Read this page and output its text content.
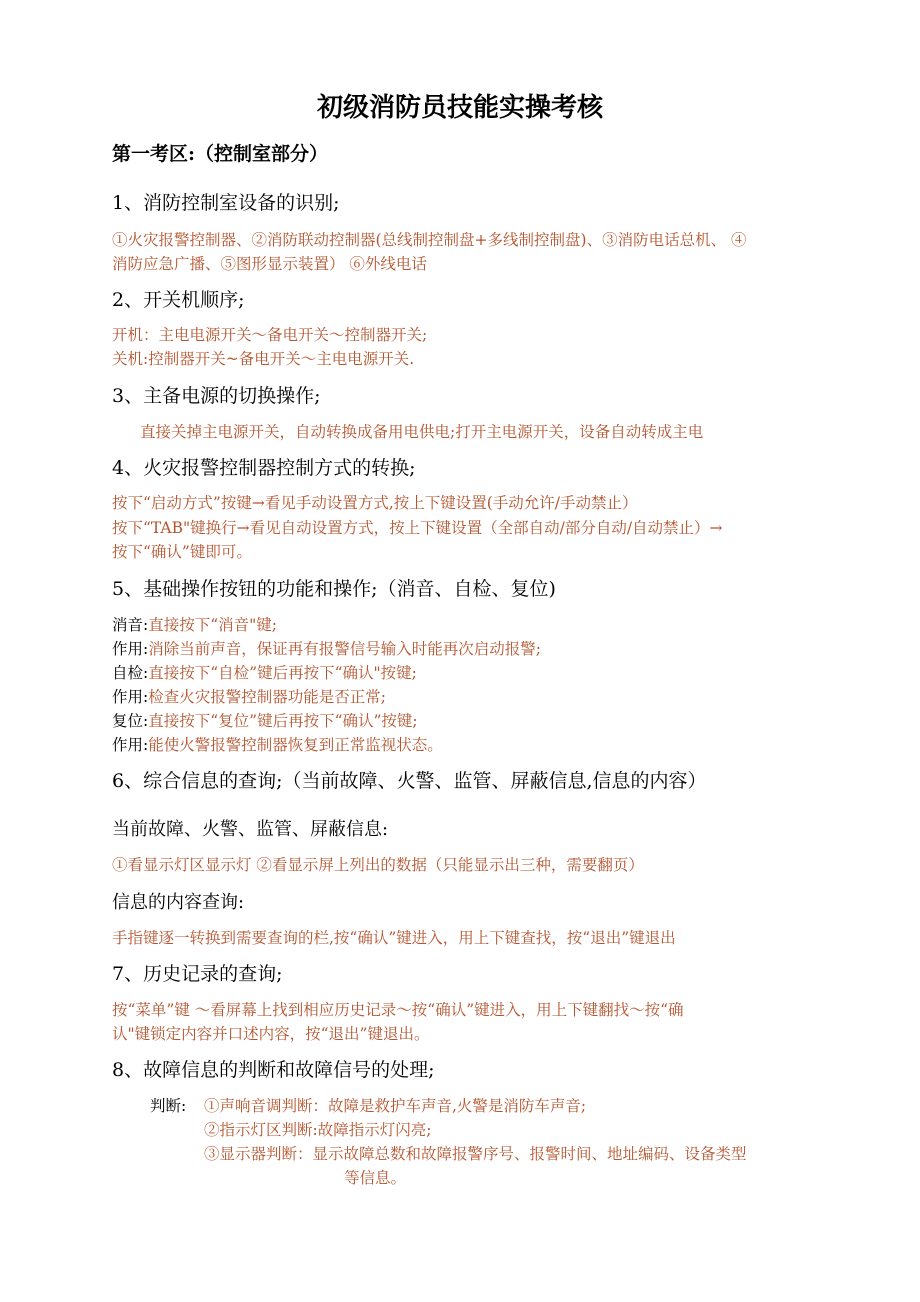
初级消防员技能实操考核
第一考区:（控制室部分）
1、消防控制室设备的识别;
①火灾报警控制器、②消防联动控制器(总线制控制盘+多线制控制盘)、③消防电话总机、 ④
消防应急广播、⑤图形显示装置） ⑥外线电话
2、开关机顺序;
开机：主电电源开关～备电开关～控制器开关;
关机:控制器开关~备电开关～主电电源开关.
3、主备电源的切换操作;
直接关掉主电源开关，自动转换成备用电供电;打开主电源开关，设备自动转成主电
4、火灾报警控制器控制方式的转换;
按下“启动方式”按键→看见手动设置方式,按上下键设置(手动允许/手动禁止）
按下“TAB"键换行→看见自动设置方式，按上下键设置（全部自动/部分自动/自动禁止）→
按下“确认”键即可。
5、基础操作按钮的功能和操作;（消音、自检、复位)
消音:直接按下“消音"键;
作用:消除当前声音，保证再有报警信号输入时能再次启动报警;
自检:直接按下“自检”键后再按下“确认"按键;
作用:检查火灾报警控制器功能是否正常;
复位:直接按下“复位”键后再按下“确认”按键;
作用:能使火警报警控制器恢复到正常监视状态。
6、综合信息的查询;（当前故障、火警、监管、屏蔽信息,信息的内容）
当前故障、火警、监管、屏蔽信息:
①看显示灯区显示灯 ②看显示屏上列出的数据（只能显示出三种，需要翻页）
信息的内容查询:
手指键逐一转换到需要查询的栏,按“确认”键进入，用上下键查找，按“退出”键退出
7、历史记录的查询;
按“菜单”键 ～看屏幕上找到相应历史记录～按“确认”键进入，用上下键翻找～按“确
认"键锁定内容并口述内容，按“退出”键退出。
8、故障信息的判断和故障信号的处理;
判断: ①声响音调判断：故障是救护车声音,火警是消防车声音;
②指示灯区判断:故障指示灯闪亮;
③显示器判断：显示故障总数和故障报警序号、报警时间、地址编码、设备类型
等信息。
